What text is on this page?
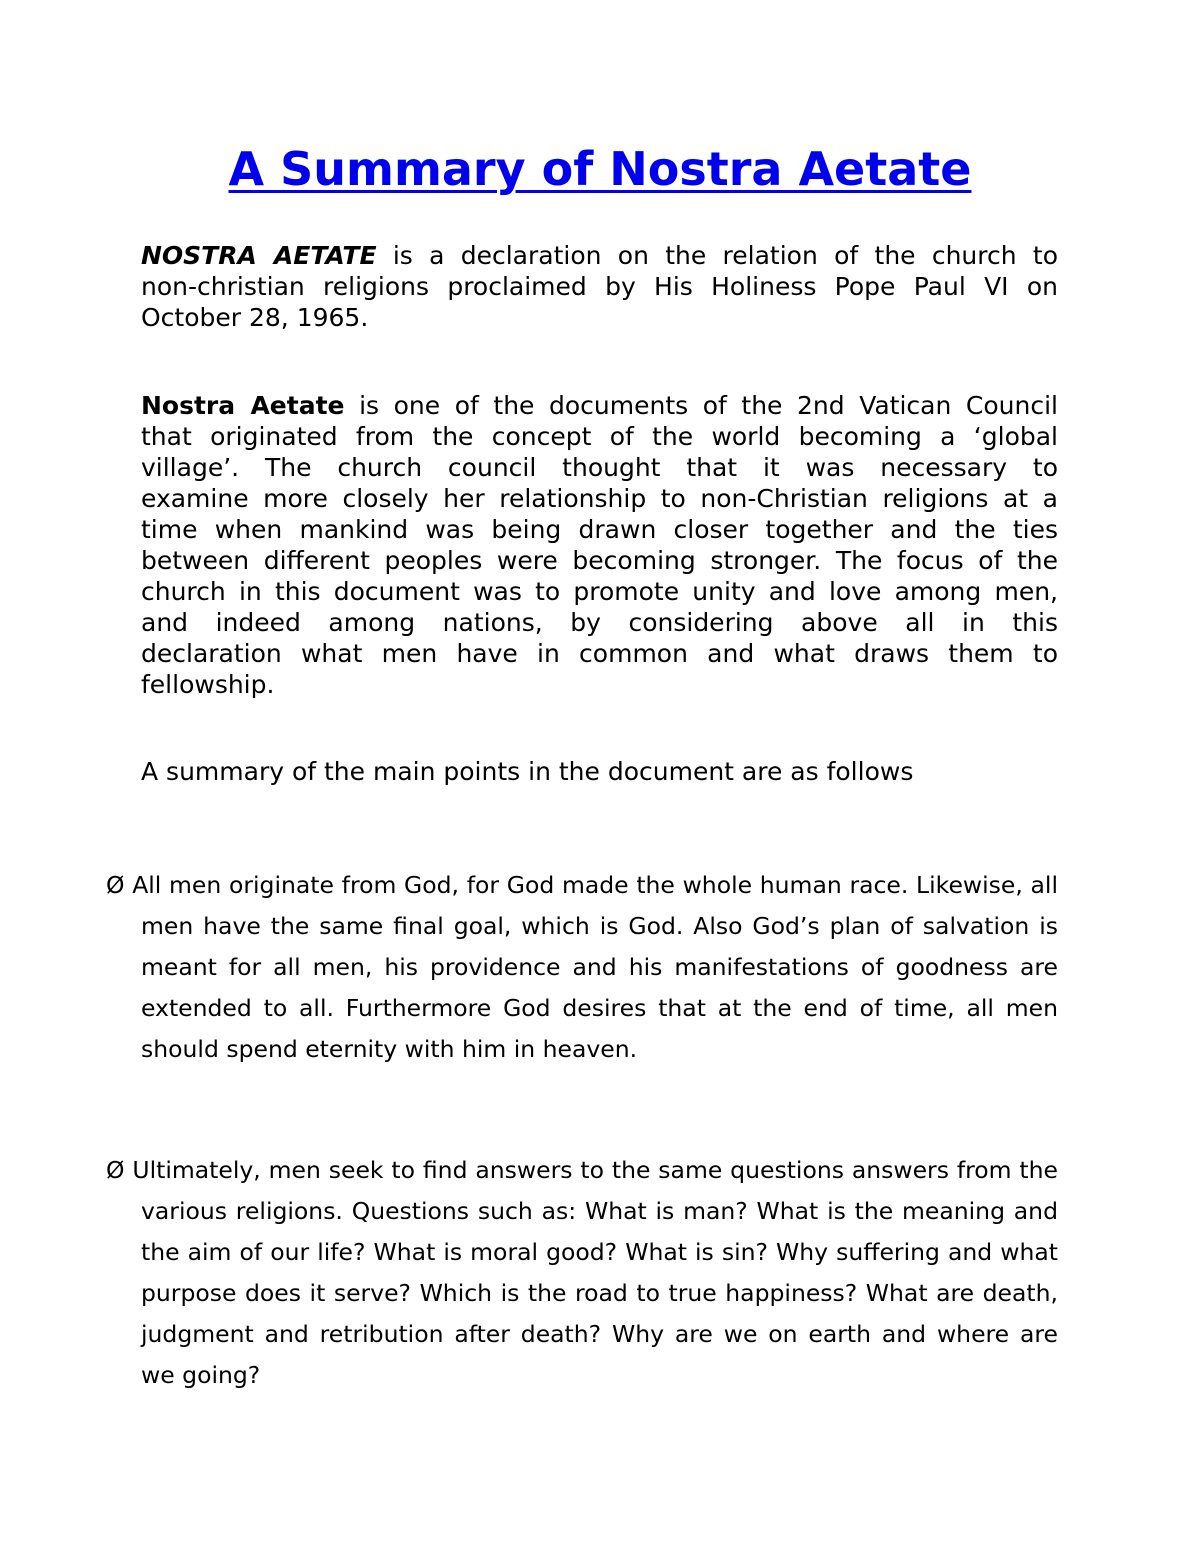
A Summary of Nostra Aetate
NOSTRA AETATE is a declaration on the relation of the church to
non-christian religions proclaimed by His Holiness Pope Paul VI on
October 28, 1965.
Nostra Aetate is one of the documents of the 2nd Vatican Council
that originated from the concept of the world becoming a ‘global
village’. The church council thought that it was necessary to
examine more closely her relationship to non-Christian religions at a
time when mankind was being drawn closer together and the ties
between different peoples were becoming stronger. The focus of the
church in this document was to promote unity and love among men,
and indeed among nations, by considering above all in this
declaration what men have in common and what draws them to
fellowship.
A summary of the main points in the document are as follows
Ø All men originate from God, for God made the whole human race. Likewise, all
men have the same final goal, which is God. Also God’s plan of salvation is
meant for all men, his providence and his manifestations of goodness are
extended to all. Furthermore God desires that at the end of time, all men
should spend eternity with him in heaven.
Ø Ultimately, men seek to find answers to the same questions answers from the
various religions. Questions such as: What is man? What is the meaning and
the aim of our life? What is moral good? What is sin? Why suffering and what
purpose does it serve? Which is the road to true happiness? What are death,
judgment and retribution after death? Why are we on earth and where are
we going?
